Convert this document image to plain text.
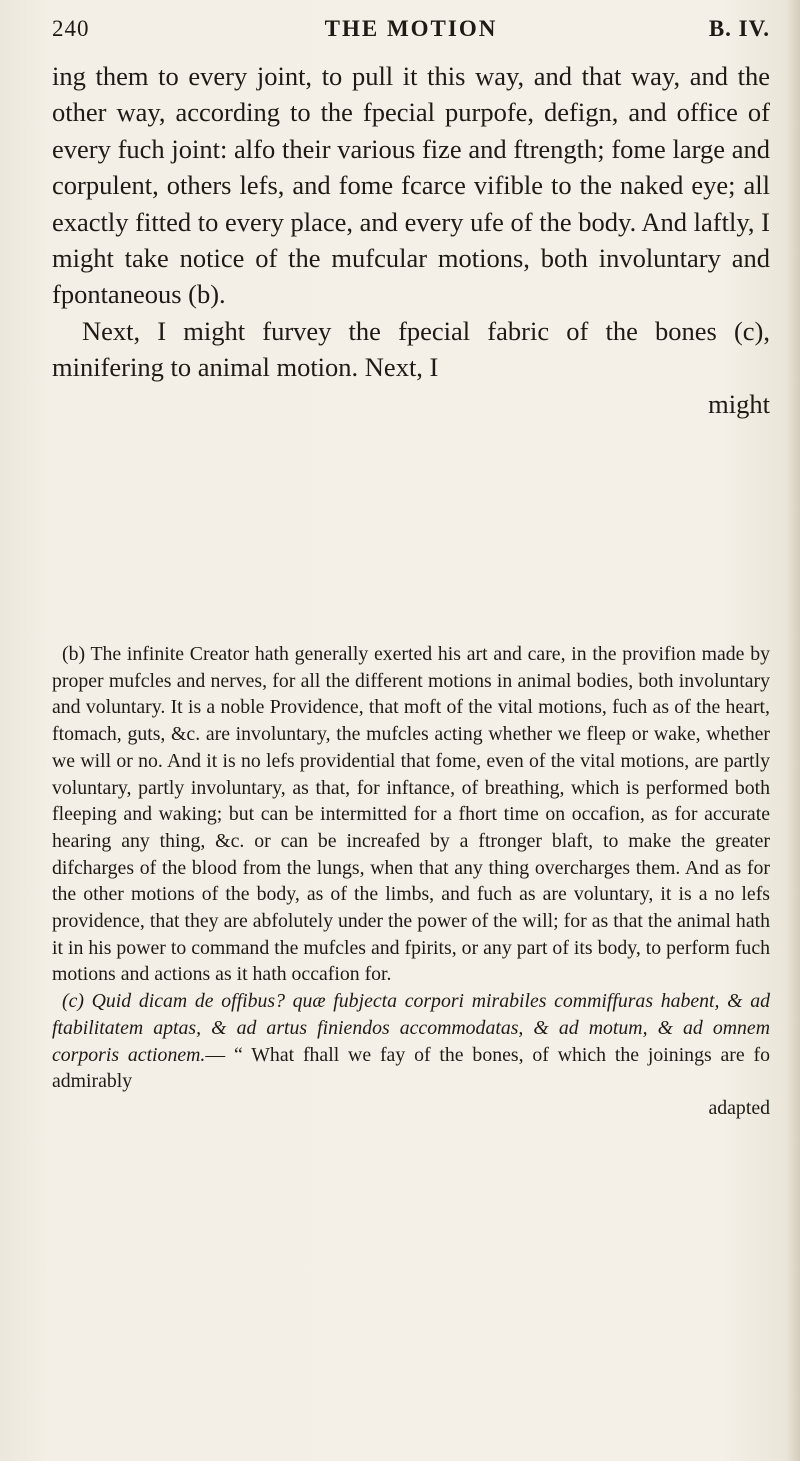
240	THE MOTION	B. IV.

ing them to every joint, to pull it this way, and that way, and the other way, according to the fpecial purpofe, defign, and office of every fuch joint: alfo their various fize and ftrength; fome large and corpulent, others lefs, and fome fcarce vifible to the naked eye; all exactly fitted to every place, and every ufe of the body. And laftly, I might take notice of the mufcular motions, both involuntary and fpontaneous (b).

Next, I might furvey the fpecial fabric of the bones (c), minifering to animal motion. Next, I

might

(b) The infinite Creator hath generally exerted his art and care, in the provifion made by proper mufcles and nerves, for all the different motions in animal bodies, both involuntary and voluntary. It is a noble Providence, that moft of the vital motions, fuch as of the heart, ftomach, guts, &c. are involuntary, the mufcles acting whether we fleep or wake, whether we will or no. And it is no lefs providential that fome, even of the vital motions, are partly voluntary, partly involuntary, as that, for inftance, of breathing, which is performed both fleeping and waking; but can be intermitted for a fhort time on occafion, as for accurate hearing any thing, &c. or can be increafed by a ftronger blaft, to make the greater difcharges of the blood from the lungs, when that any thing overcharges them. And as for the other motions of the body, as of the limbs, and fuch as are voluntary, it is a no lefs providence, that they are abfolutely under the power of the will; for as that the animal hath it in his power to command the mufcles and fpirits, or any part of its body, to perform fuch motions and actions as it hath occafion for.

(c) Quid dicam de offibus? quæ fubjecta corpori mirabiles commiffuras habent, & ad ftabilitatem aptas, & ad artus finiendos accommodatas, & ad motum, & ad omnem corporis actionem.— “ What fhall we fay of the bones, of which the joinings are fo admirably

adapted
